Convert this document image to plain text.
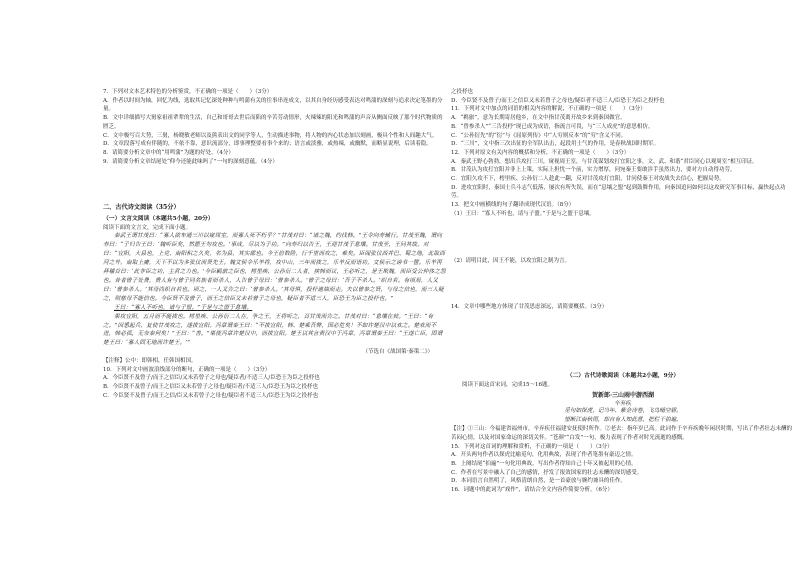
7．下列对文本艺术特色的分析鉴赏，不正确的一项是（　　）（3分）

A．作者以时间为轴，回忆为线，选取其记忆深处种种与鸣蒲有关的往事串连成文，以其自身经历感受表达对鸣蒲的深刻与追求决定笔墨的分量。

B．文中详细描写大舅家祖祖辈辈的生活，自己和哥哥去世后而陷的辛苦劳动情形，火辣辣的阳光和鸣蒲的声音从侧面反映了那个时代物质的匮乏。

C．文中极写百大势，三舅，杨晓敏老师以及熊表出文的同学等人，生动描述事物，将人物的内心状态加以刻画，极具个性和人间趣大气。

D．文章段落写成有伴随的，不依不靠，意识流部分，即事理整要看事个来的；语言或淡雅，或热辣，或幽默，而略显说理，后读着隐。

8．请简要分析文章中的“用鸣蒲”为题的好处。（4分）

9．请简要分析文章结尾处“仰今还能此味吗了”一句的深刻意蕴。（4分）

二、古代诗文阅读（35分）

（一）文言文阅读（本题共5小题，20分）

阅读下面的文言文，完成下面小题。

秦武王谓甘茂曰：“寡人欲车通三川以窥周室，而寡人死不朽乎？”甘茂对曰：“请之魏，约伐韩。”王令向寿辅行。甘茂至魏，谓向寿曰：“子归告王曰：‘魏听臣矣，然愿王勿攻也。’事成，尽以为子功。”向寿归以告王，王迎甘茂于息壤。甘茂至，王问其故。对曰：“宜阳，大县也，上党、南阳积之久矣，名为县，其实郡也。今王倍数险，行千里而攻之，难矣。臣闻张仪西并巴、蜀之地，北取西河之外，南取上庸，天下不以为多张仪而贤先王。魏文侯令乐羊将，攻中山，三年而拔之，乐羊反而语功，文侯示之谤书一箧。乐羊再拜稽首曰：‘此非臣之功，主君之力也。’今臣羁旅之臣也，樗里疾、公孙衍二人者，挟韩而议，王必听之，是王欺魏，而臣受公仲侈之怨也。昔者曾子处费，费人有与曾子同名族者而杀人，人告曾子母曰：‘曾参杀人。’曾子之母曰：‘吾子不杀人。’织自若。有顷焉，人又曰：‘曾参杀人。’其母尚织自若也。顷之，一人又告之曰：‘曾参杀人。’其母惧，投杼逾墙而走。夫以曾参之贤，与母之信也，而三人疑之，则慈母不能信也。今臣贤不及曾子，而王之信臣又未若曾子之母也，疑臣者不适三人，臣恐王为臣之投杼也。”

王曰：“寡人不听也，请与子盟。”于是与之盟于息壤。

果攻宜阳，五月而不能拔也。樗里疾、公孙衍二人在，争之王，王将听之，召甘茂而告之。甘茂对曰：“息壤在彼。”王曰：“有之。”因悉起兵，复使甘茂攻之，遂拔宜阳。冯章谓秦王曰：“不拔宜阳，韩、楚乘吾弊，国必危矣！不如许楚汉中以欢之。楚欢而不进，韩必孤，无奈秦何矣！”王曰：“善。”果使冯章许楚汉中，而拔宜阳。楚王以其言责汉中于冯章，冯章谓秦王曰：“王遂亡臣，固谓楚王曰：‘寡人固无地而许楚王。’”

（节选自《战国策·秦策二》）

【注释】公中：即韩相，任韩国相国。

10．下列对文中画波浪线部分的断句，正确的一项是（　　）（3分）

A．今臣贤不及曾子/而王之信臣/又未若曾子之母也/疑臣者/不适三人/臣恐王为臣之投杼也

B．今臣贤不及曾子/而王之信臣又未若曾子之母也/疑臣者/不适三人/臣恐王为臣之投杼也

C．今臣贤不及曾子/而王之信/臣又未若曾子之母也/疑臣者不适三人/臣恐王为臣之投杼也

之投杼也

D．今臣贤不及曾子/而王之信臣又未若曾子之母也/疑臣者不适三人/臣恐王为臣之投杼也

11．下列对文中加点的词语的相关内容的解说，不正确的一项是（　　）（3分）

A．“羁旅”，意为长期寄居他乡，在文中指甘茂离开故乡来到秦国做官。

B．“曾参杀人”“三告投杼”现已成为成语，指流言可畏，与“三人成虎”的意思相仿。

C．“公孙衍先”的“衍”与《屈原列传》中“人穷则反本”的“穷”含义不同。

D．“三川”，文中指三次出征的全军队出击，起段用士气的作用，是春秋战国时期军。

12．下列对原文有关内容的概括和分析，不正确的一项是（　　）（3分）

A．秦武王野心勃勃，想出兵攻打三川，窥视周王室，与甘茂谋划攻打宜阳之事，文、武、和谐“君臣同心以观周室”相互印证。

B．甘茂认为攻打宜阳并非上上策，实际上担忧一个前，实力增厚，问宛秦王要敢涉手虽然出力，要对方自动得功劳。

C．宜阳久攻不下，樗里疾、公孙衍二人趁此一翻，反对甘茂攻打宜阳，甘问使秦王对攻战失去信心，把握局势。

D．进攻宜阳时，秦国士兵斗志气低落，屡次有所失误，而在“息壤之盟”起到鼓舞作用，向秦国追问如何以这攻研究军事目标，赢快起点功劳。

13．把文中画横线的句子翻译成现代汉语。（8分）

（1）王曰：“寡人不听也，请与子盟。”于是与之盟于息壤。

（2）请明目此，因王不能，以攻宜阳之制为言。

14．文章中哪些地方体现了甘茂思虑深远，请简要概括。（3分）

（二）古代诗歌阅读（本题共2小题，9分）

　　阅读下面这首宋词，完成15～16题。

贺新郎·三山雨中游西湖

辛弃疾

觅句如探虎，记当年、紫金诗卷，飞鸟晴空碧。

望断江南秋雨，却自有人知此意，把栏干拍遍。

【注】①三山：今福建省福州市，辛弃疾任福建安抚使时所作。②老去：指年岁已高。此词作于辛弃疾晚年闲居时期，写出了作者壮志未酬的苦闷心情，以及对国家命运的深切关怀。“苍颜”“白发”一句，极力表现了作者对时光流逝的感慨。

15．下列对这首词的理解和赏析，不正确的一项是（　　）（3分）

A．开头两句作者以探虎比喻觅句，化用典故，表现了作者笔墨有豪迈之情。

B．上阕结尾“拍遍”一句化用典故，写出作者得知自己十年又被起用的心情。

C．作者在写景中融入了自己的感情，抒发了报效国家的壮志未酬的深切感受。

D．本词语言自然明了，风格清朗自然，是一首豪放与婉约兼具的佳作。

16．词题中的此词为“戏作”，请结合全文内容作简要分析。（6分）
